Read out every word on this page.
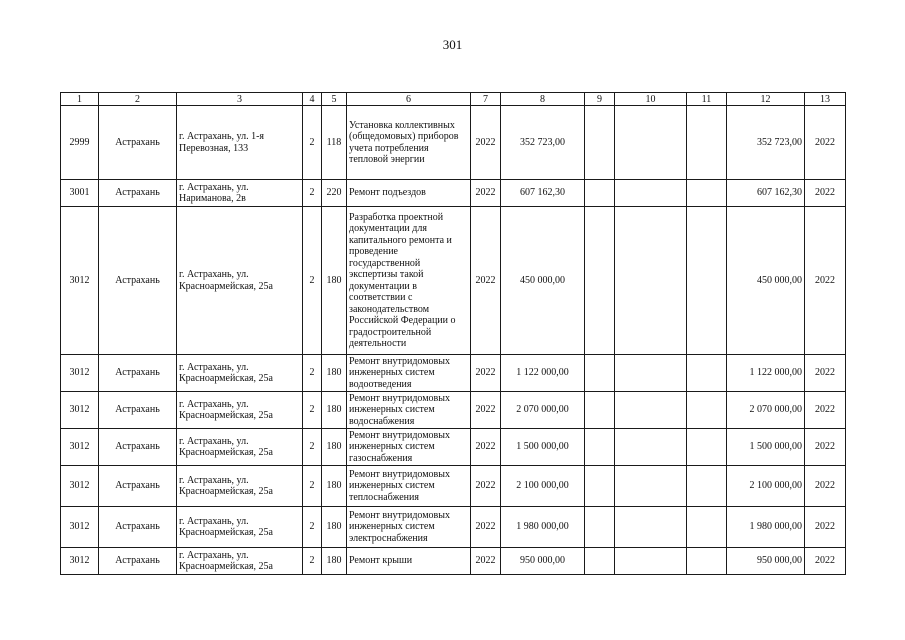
301
1	2	3	4	5	6	7	8	9	10	11	12	13
2999	Астрахань	г. Астрахань, ул. 1-я Перевозная, 133	2	118	Установка коллективных (общедомовых) приборов учета потребления тепловой энергии	2022	352 723,00				352 723,00	2022
3001	Астрахань	г. Астрахань, ул. Нариманова, 2в	2	220	Ремонт подъездов	2022	607 162,30				607 162,30	2022
3012	Астрахань	г. Астрахань, ул. Красноармейская, 25а	2	180	Разработка проектной документации для капитального ремонта и проведение государственной экспертизы такой документации в соответствии с законодательством Российской Федерации о градостроительной деятельности	2022	450 000,00				450 000,00	2022
3012	Астрахань	г. Астрахань, ул. Красноармейская, 25а	2	180	Ремонт внутридомовых инженерных систем водоотведения	2022	1 122 000,00				1 122 000,00	2022
3012	Астрахань	г. Астрахань, ул. Красноармейская, 25а	2	180	Ремонт внутридомовых инженерных систем водоснабжения	2022	2 070 000,00				2 070 000,00	2022
3012	Астрахань	г. Астрахань, ул. Красноармейская, 25а	2	180	Ремонт внутридомовых инженерных систем газоснабжения	2022	1 500 000,00				1 500 000,00	2022
3012	Астрахань	г. Астрахань, ул. Красноармейская, 25а	2	180	Ремонт внутридомовых инженерных систем теплоснабжения	2022	2 100 000,00				2 100 000,00	2022
3012	Астрахань	г. Астрахань, ул. Красноармейская, 25а	2	180	Ремонт внутридомовых инженерных систем электроснабжения	2022	1 980 000,00				1 980 000,00	2022
3012	Астрахань	г. Астрахань, ул. Красноармейская, 25а	2	180	Ремонт крыши	2022	950 000,00				950 000,00	2022
